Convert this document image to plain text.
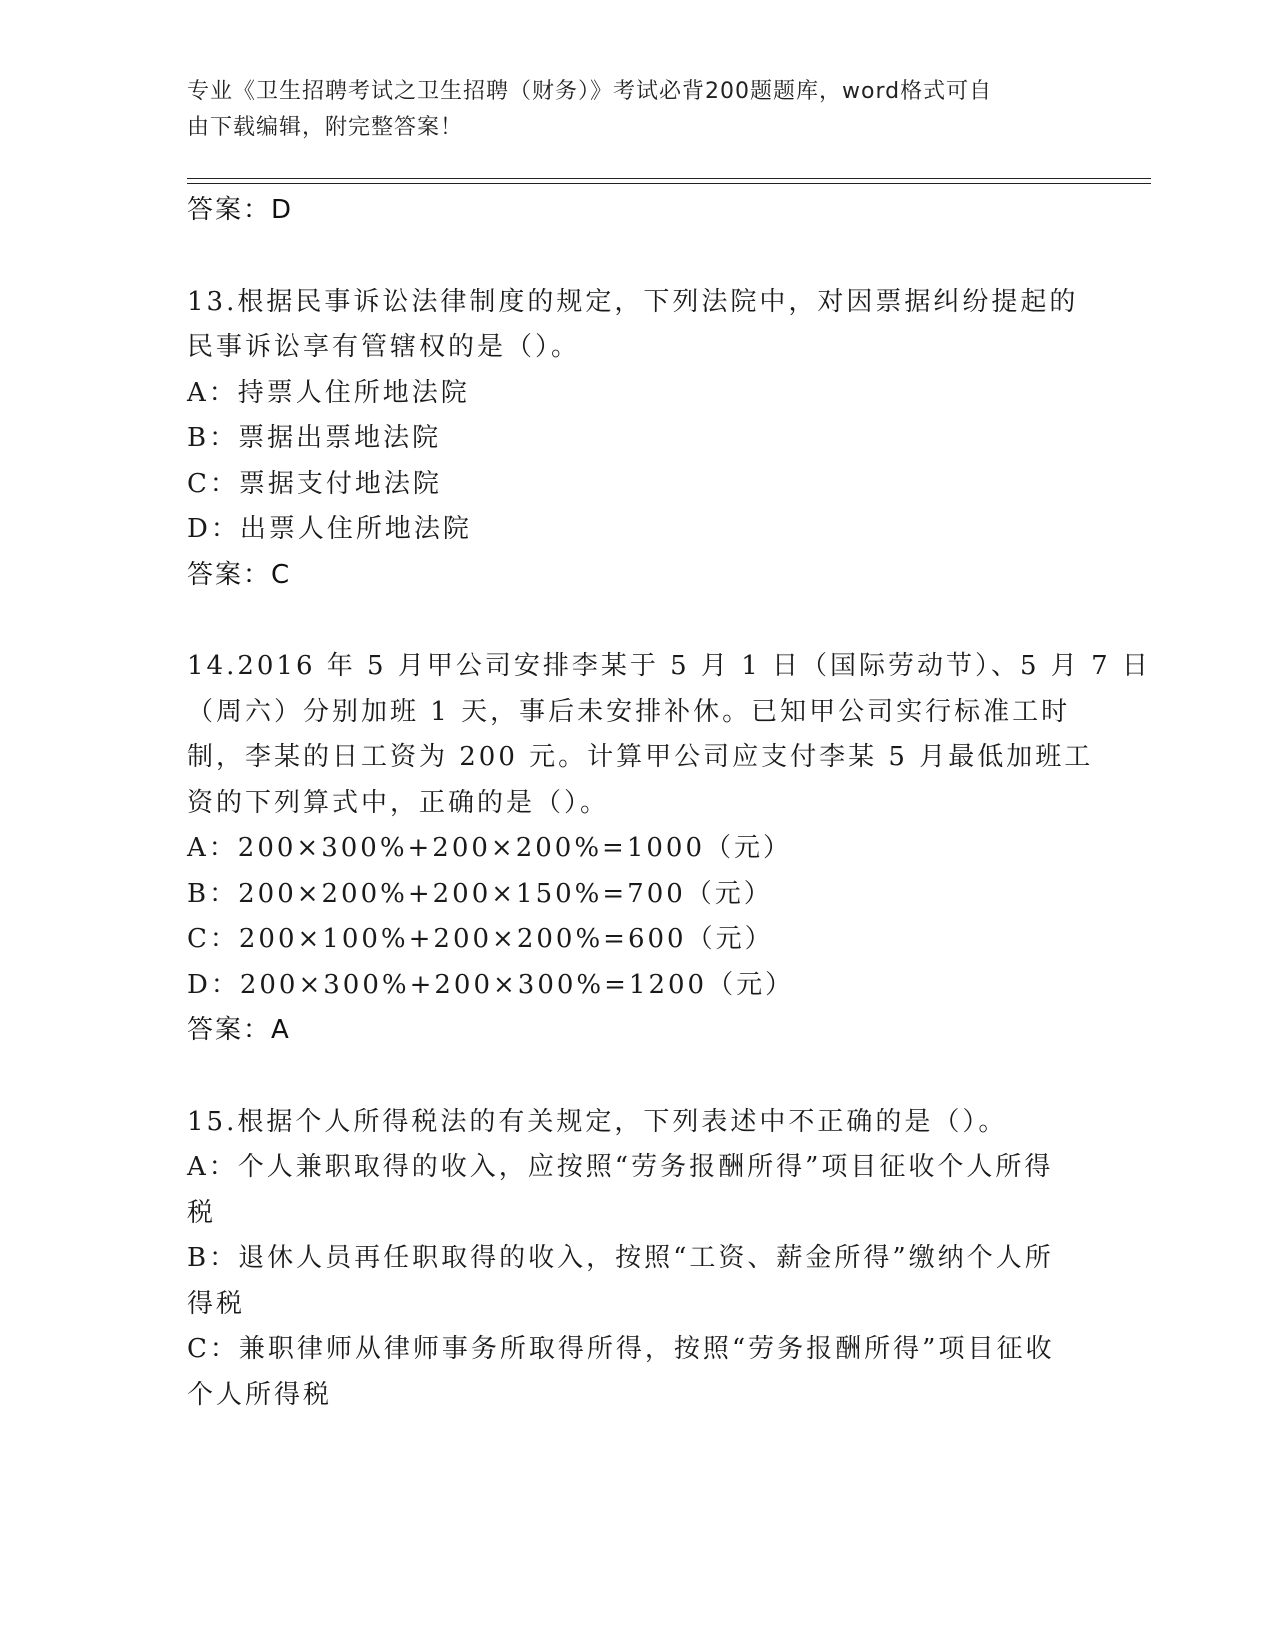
专业《卫生招聘考试之卫生招聘（财务）》考试必背200题题库，word格式可自
由下载编辑，附完整答案！
答案：D
13.根据民事诉讼法律制度的规定，下列法院中，对因票据纠纷提起的
民事诉讼享有管辖权的是（）。
A：持票人住所地法院
B：票据出票地法院
C：票据支付地法院
D：出票人住所地法院
答案：C
14.2016 年 5 月甲公司安排李某于 5 月 1 日（国际劳动节）、5 月 7 日
（周六）分别加班 1 天，事后未安排补休。已知甲公司实行标准工时
制，李某的日工资为 200 元。计算甲公司应支付李某 5 月最低加班工
资的下列算式中，正确的是（）。
A：200×300%+200×200%=1000（元）
B：200×200%+200×150%=700（元）
C：200×100%+200×200%=600（元）
D：200×300%+200×300%=1200（元）
答案：A
15.根据个人所得税法的有关规定，下列表述中不正确的是（）。
A：个人兼职取得的收入，应按照“劳务报酬所得”项目征收个人所得
税
B：退休人员再任职取得的收入，按照“工资、薪金所得”缴纳个人所
得税
C：兼职律师从律师事务所取得所得，按照“劳务报酬所得”项目征收
个人所得税
